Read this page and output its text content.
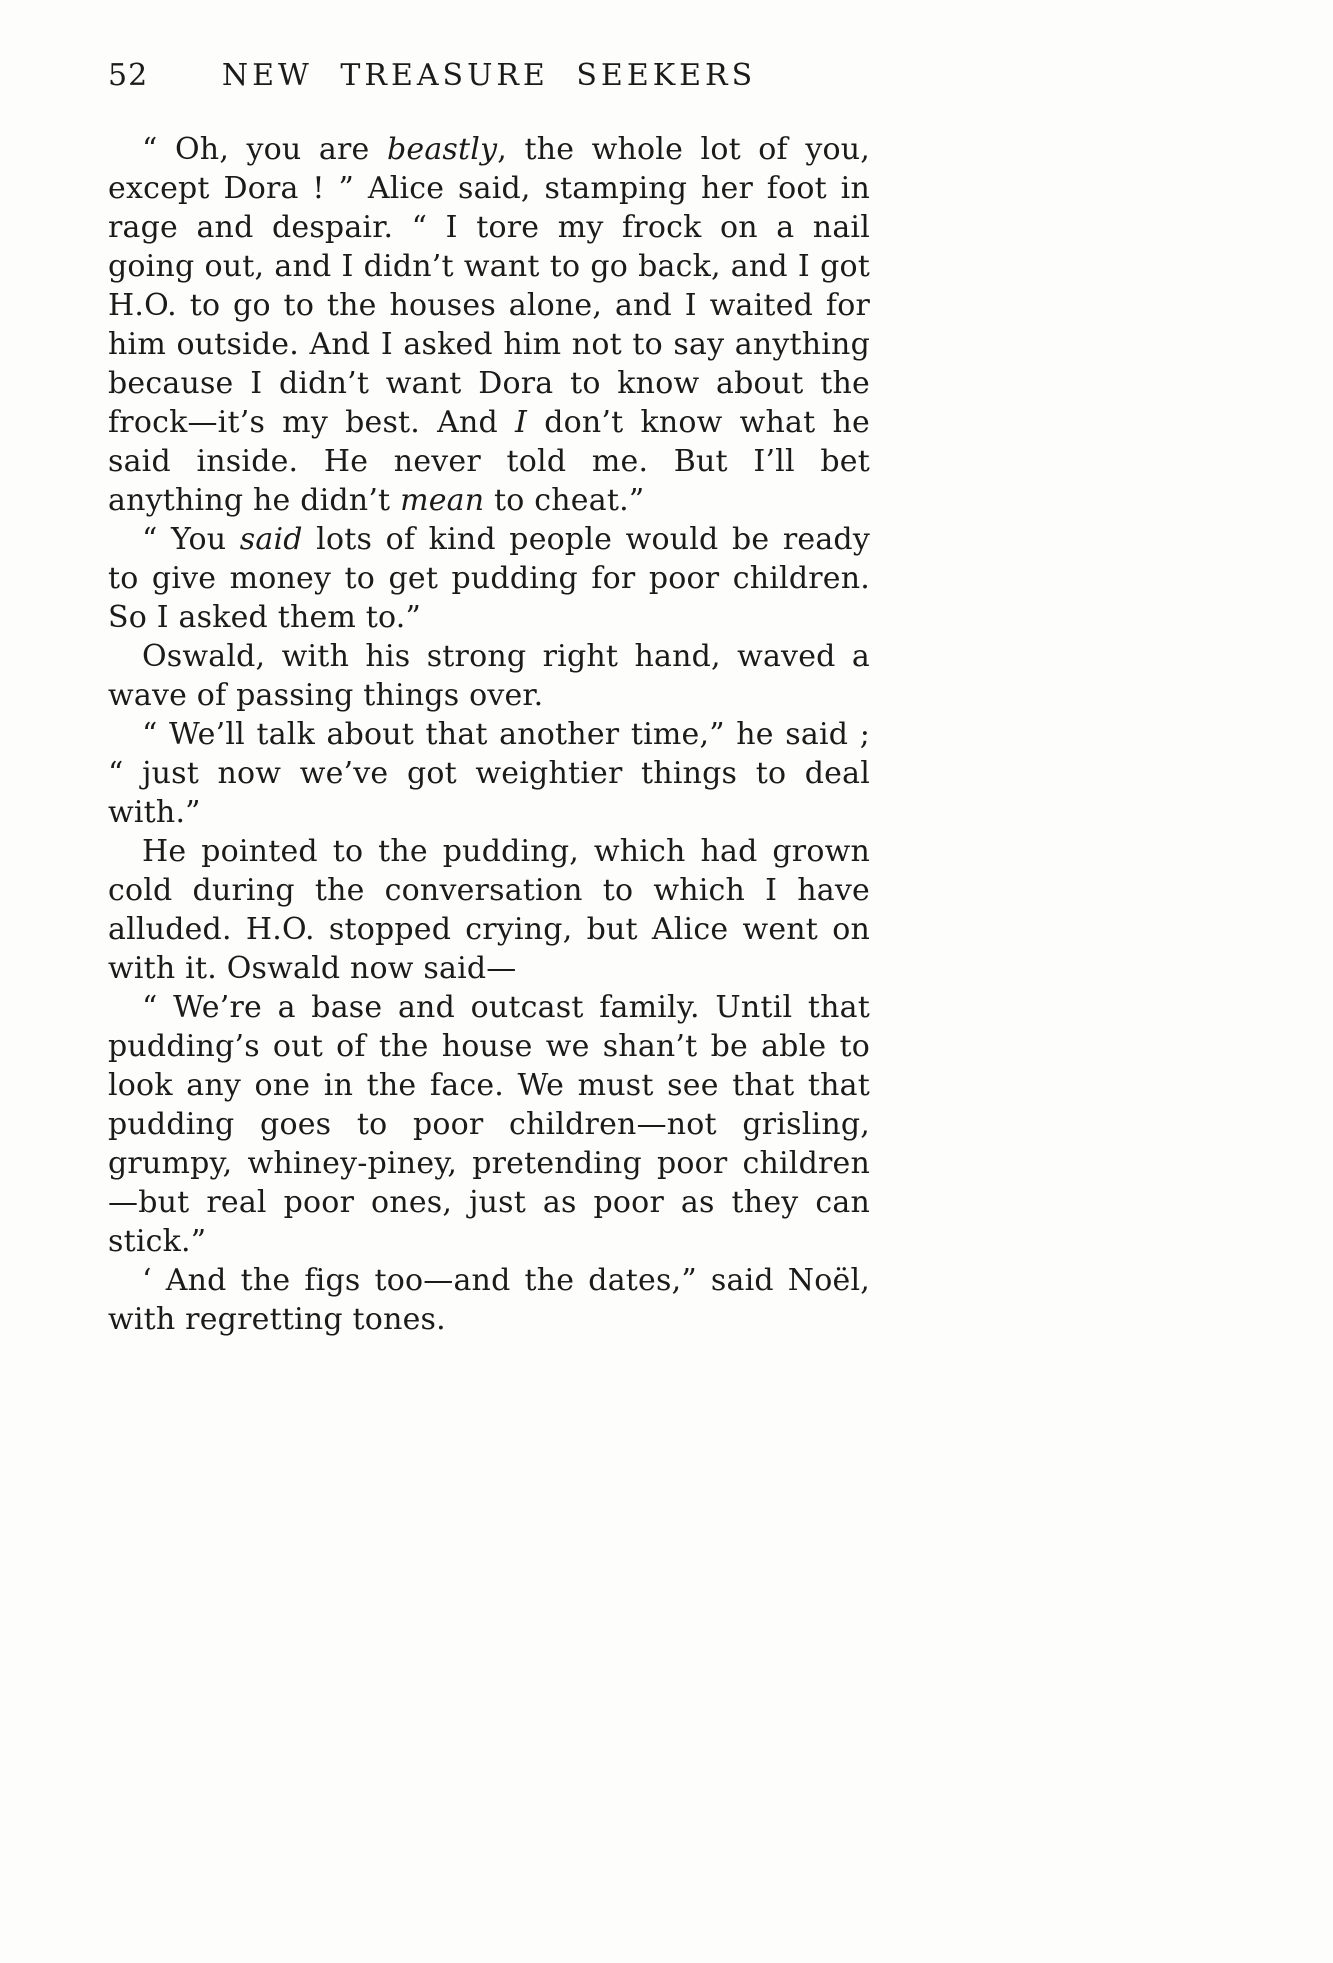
52	NEW TREASURE SEEKERS

“ Oh, you are beastly, the whole lot of you, except Dora ! ” Alice said, stamping her foot in rage and despair. “ I tore my frock on a nail going out, and I didn’t want to go back, and I got H.O. to go to the houses alone, and I waited for him outside. And I asked him not to say anything because I didn’t want Dora to know about the frock—it’s my best. And I don’t know what he said inside. He never told me. But I’ll bet anything he didn’t mean to cheat.”

“ You said lots of kind people would be ready to give money to get pudding for poor children. So I asked them to.”

Oswald, with his strong right hand, waved a wave of passing things over.

“ We’ll talk about that another time,” he said ; “ just now we’ve got weightier things to deal with.”

He pointed to the pudding, which had grown cold during the conversation to which I have alluded. H.O. stopped crying, but Alice went on with it. Oswald now said—

“ We’re a base and outcast family. Until that pudding’s out of the house we shan’t be able to look any one in the face. We must see that that pudding goes to poor children—not grisling, grumpy, whiney-piney, pretending poor children—but real poor ones, just as poor as they can stick.”

‘ And the figs too—and the dates,” said Noël, with regretting tones.
